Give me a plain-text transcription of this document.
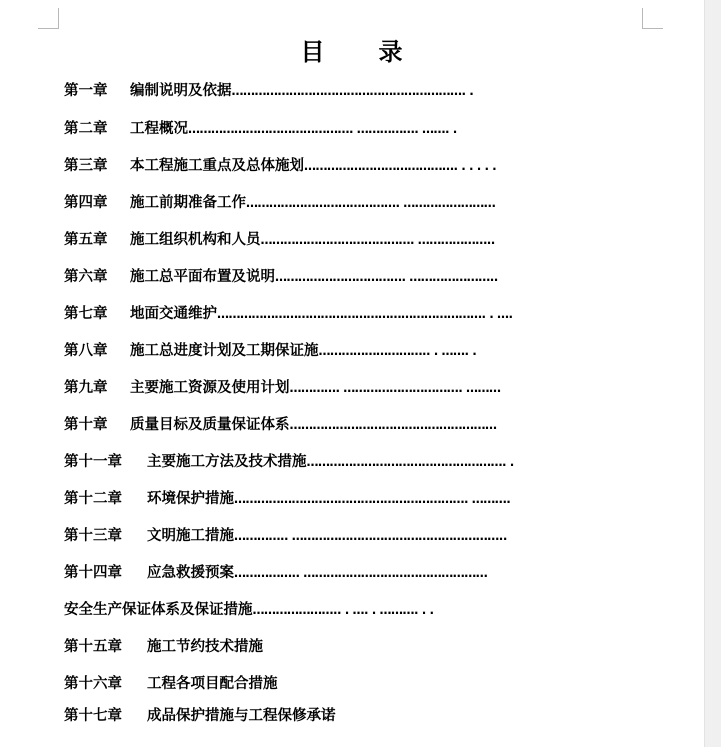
目　　录
第一章	编制说明及依据 ……………………………………………………. .
第二章	工程概况 ……………………………………. ……………. ……. .
第三章	本工程施工重点及总体施划 …………………………………. . . . . .
第四章	施工前期准备工作 …………………………………. ……………………
第五章	施工组织机构和人员 …………………………………. ………………..
第六章	施工总平面布置及说明 ……………………………. …………………..
第七章	地面交通维护 ……………………………………………………………. . ….
第八章	施工总进度计划及工期保证施 ……………………….. . ……. .
第九章	主要施工资源及使用计划 …………. …………………………. ………
第十章	质量目标及质量保证体系 ………………………………………………
第十一章	主要施工方法及技术措施 ……………………………………………. .
第十二章	环境保护措施 ……………………………………………………. ……….
第十三章	文明施工措施 ………….. ………………………………………………..
第十四章	应急救援预案 …………….. …………………………………………
安全生产保证体系及保证措施 ………………….. . …. . ………. . .
第十五章	施工节约技术措施
第十六章	工程各项目配合措施
第十七章	成品保护措施与工程保修承诺
